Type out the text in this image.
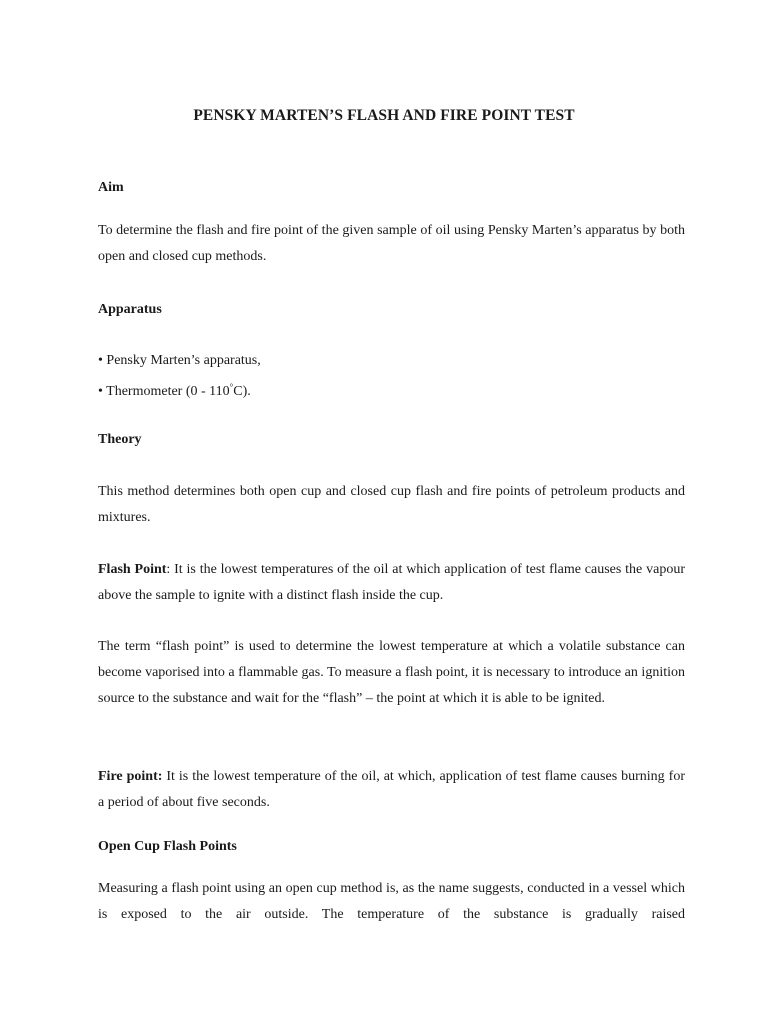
PENSKY MARTEN’S FLASH AND FIRE POINT TEST
Aim
To determine the flash and fire point of the given sample of oil using Pensky Marten’s apparatus by both open and closed cup methods.
Apparatus
• Pensky Marten’s apparatus,
• Thermometer (0 - 110°C).
Theory
This method determines both open cup and closed cup flash and fire points of petroleum products and mixtures.
Flash Point: It is the lowest temperatures of the oil at which application of test flame causes the vapour above the sample to ignite with a distinct flash inside the cup.
The term “flash point” is used to determine the lowest temperature at which a volatile substance can become vaporised into a flammable gas. To measure a flash point, it is necessary to introduce an ignition source to the substance and wait for the “flash” – the point at which it is able to be ignited.
Fire point: It is the lowest temperature of the oil, at which, application of test flame causes burning for a period of about five seconds.
Open Cup Flash Points
Measuring a flash point using an open cup method is, as the name suggests, conducted in a vessel which is exposed to the air outside. The temperature of the substance is gradually raised
